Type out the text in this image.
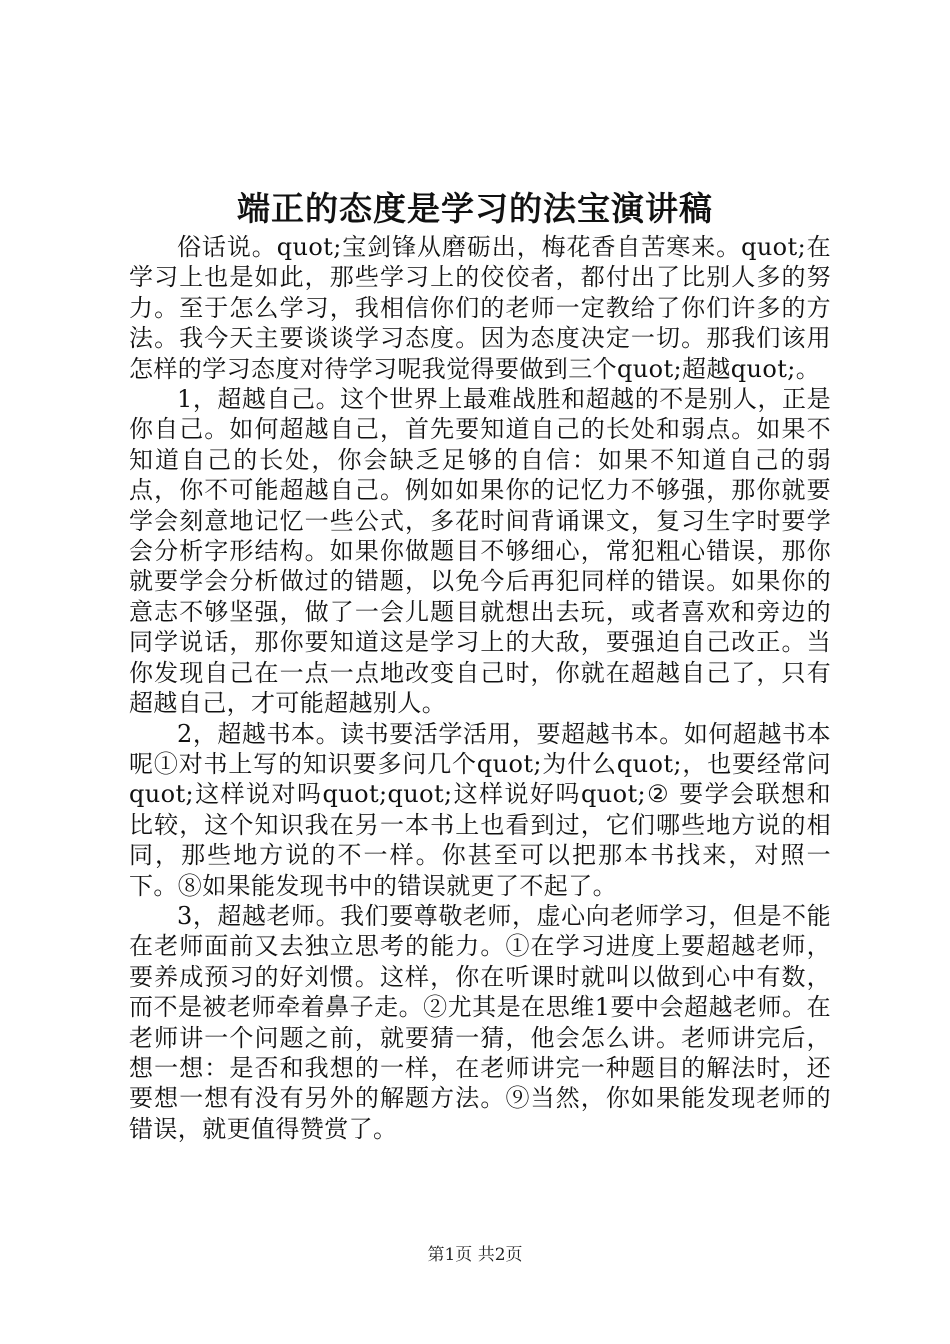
端正的态度是学习的法宝演讲稿

俗话说。quot;宝剑锋从磨砺出，梅花香自苦寒来。quot;在学习上也是如此，那些学习上的佼佼者，都付出了比别人多的努力。至于怎么学习，我相信你们的老师一定教给了你们许多的方法。我今天主要谈谈学习态度。因为态度决定一切。那我们该用怎样的学习态度对待学习呢我觉得要做到三个quot;超越quot;。

1，超越自己。这个世界上最难战胜和超越的不是别人，正是你自己。如何超越自己，首先要知道自己的长处和弱点。如果不知道自己的长处，你会缺乏足够的自信：如果不知道自己的弱点，你不可能超越自己。例如如果你的记忆力不够强，那你就要学会刻意地记忆一些公式，多花时间背诵课文，复习生字时要学会分析字形结构。如果你做题目不够细心，常犯粗心错误，那你就要学会分析做过的错题，以免今后再犯同样的错误。如果你的意志不够坚强，做了一会儿题目就想出去玩，或者喜欢和旁边的同学说话，那你要知道这是学习上的大敌，要强迫自己改正。当你发现自己在一点一点地改变自己时，你就在超越自己了，只有超越自己，才可能超越别人。

2，超越书本。读书要活学活用，要超越书本。如何超越书本呢①对书上写的知识要多问几个quot;为什么quot;，也要经常问quot;这样说对吗quot;quot;这样说好吗quot;② 要学会联想和比较，这个知识我在另一本书上也看到过，它们哪些地方说的相同，那些地方说的不一样。你甚至可以把那本书找来，对照一下。⑧如果能发现书中的错误就更了不起了。

3，超越老师。我们要尊敬老师，虚心向老师学习，但是不能在老师面前又去独立思考的能力。①在学习进度上要超越老师，要养成预习的好刘惯。这样，你在听课时就叫以做到心中有数，而不是被老师牵着鼻子走。②尤其是在思维1要中会超越老师。在老师讲一个问题之前，就要猜一猜，他会怎么讲。老师讲完后，想一想：是否和我想的一样，在老师讲完一种题目的解法时，还要想一想有没有另外的解题方法。⑨当然，你如果能发现老师的错误，就更值得赞赏了。

第1页 共2页
